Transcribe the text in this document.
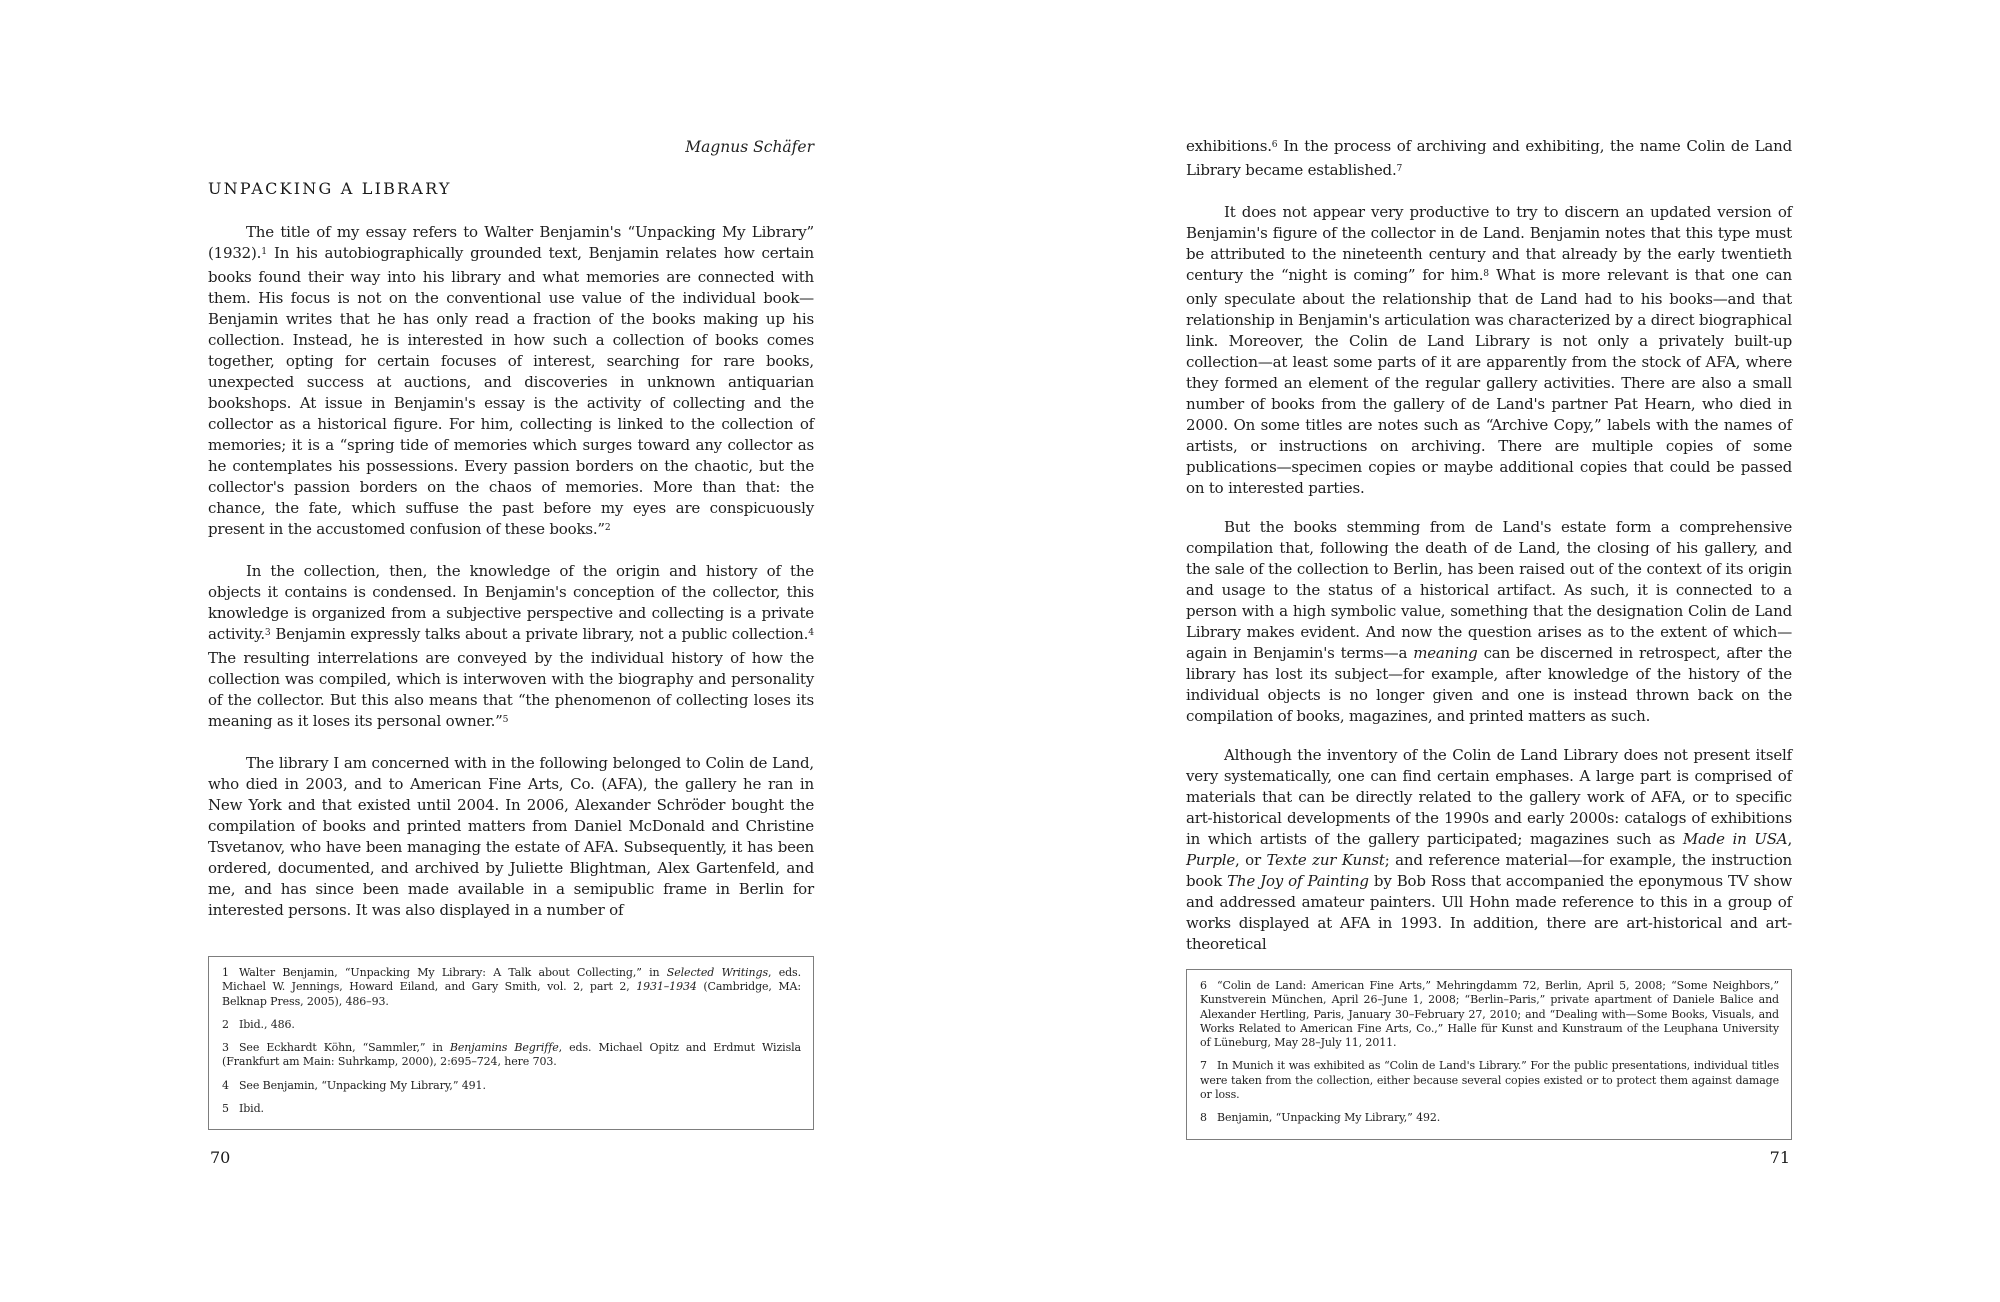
Magnus Schäfer
UNPACKING A LIBRARY

The title of my essay refers to Walter Benjamin's “Unpacking My Library” (1932).$^1$ In his autobiographically grounded text, Benjamin relates how certain books found their way into his library and what memories are connected with them. His focus is not on the conventional use value of the individual book—Benjamin writes that he has only read a fraction of the books making up his collection. Instead, he is interested in how such a collection of books comes together, opting for certain focuses of interest, searching for rare books, unexpected success at auctions, and discoveries in unknown antiquarian bookshops. At issue in Benjamin's essay is the activity of collecting and the collector as a historical figure. For him, collecting is linked to the collection of memories; it is a “spring tide of memories which surges toward any collector as he contemplates his possessions. Every passion borders on the chaotic, but the collector's passion borders on the chaos of memories. More than that: the chance, the fate, which suffuse the past before my eyes are conspicuously present in the accustomed confusion of these books.”$^2$

In the collection, then, the knowledge of the origin and history of the objects it contains is condensed. In Benjamin's conception of the collector, this knowledge is organized from a subjective perspective and collecting is a private activity.$^3$ Benjamin expressly talks about a private library, not a public collection.$^4$ The resulting interrelations are conveyed by the individual history of how the collection was compiled, which is interwoven with the biography and personality of the collector. But this also means that “the phenomenon of collecting loses its meaning as it loses its personal owner.”$^5$

The library I am concerned with in the following belonged to Colin de Land, who died in 2003, and to American Fine Arts, Co. (AFA), the gallery he ran in New York and that existed until 2004. In 2006, Alexander Schröder bought the compilation of books and printed matters from Daniel McDonald and Christine Tsvetanov, who have been managing the estate of AFA. Subsequently, it has been ordered, documented, and archived by Juliette Blightman, Alex Gartenfeld, and me, and has since been made available in a semipublic frame in Berlin for interested persons. It was also displayed in a number of

1 Walter Benjamin, “Unpacking My Library: A Talk about Collecting,” in Selected Writings, eds. Michael W. Jennings, Howard Eiland, and Gary Smith, vol. 2, part 2, 1931–1934 (Cambridge, MA: Belknap Press, 2005), 486–93.

2 Ibid., 486.

3 See Eckhardt Köhn, “Sammler,” in Benjamins Begriffe, eds. Michael Opitz and Erdmut Wizisla (Frankfurt am Main: Suhrkamp, 2000), 2:695–724, here 703.

4 See Benjamin, “Unpacking My Library,” 491.

5 Ibid.

70

exhibitions.$^6$ In the process of archiving and exhibiting, the name Colin de Land Library became established.$^7$

It does not appear very productive to try to discern an updated version of Benjamin's figure of the collector in de Land. Benjamin notes that this type must be attributed to the nineteenth century and that already by the early twentieth century the “night is coming” for him.$^8$ What is more relevant is that one can only speculate about the relationship that de Land had to his books—and that relationship in Benjamin's articulation was characterized by a direct biographical link. Moreover, the Colin de Land Library is not only a privately built-up collection—at least some parts of it are apparently from the stock of AFA, where they formed an element of the regular gallery activities. There are also a small number of books from the gallery of de Land's partner Pat Hearn, who died in 2000. On some titles are notes such as “Archive Copy,” labels with the names of artists, or instructions on archiving. There are multiple copies of some publications—specimen copies or maybe additional copies that could be passed on to interested parties.

But the books stemming from de Land's estate form a comprehensive compilation that, following the death of de Land, the closing of his gallery, and the sale of the collection to Berlin, has been raised out of the context of its origin and usage to the status of a historical artifact. As such, it is connected to a person with a high symbolic value, something that the designation Colin de Land Library makes evident. And now the question arises as to the extent of which—again in Benjamin's terms—a meaning can be discerned in retrospect, after the library has lost its subject—for example, after knowledge of the history of the individual objects is no longer given and one is instead thrown back on the compilation of books, magazines, and printed matters as such.

Although the inventory of the Colin de Land Library does not present itself very systematically, one can find certain emphases. A large part is comprised of materials that can be directly related to the gallery work of AFA, or to specific art-historical developments of the 1990s and early 2000s: catalogs of exhibitions in which artists of the gallery participated; magazines such as Made in USA, Purple, or Texte zur Kunst; and reference material—for example, the instruction book The Joy of Painting by Bob Ross that accompanied the eponymous TV show and addressed amateur painters. Ull Hohn made reference to this in a group of works displayed at AFA in 1993. In addition, there are art-historical and art-theoretical

6 “Colin de Land: American Fine Arts,” Mehringdamm 72, Berlin, April 5, 2008; “Some Neighbors,” Kunstverein München, April 26–June 1, 2008; “Berlin–Paris,” private apartment of Daniele Balice and Alexander Hertling, Paris, January 30–February 27, 2010; and “Dealing with—Some Books, Visuals, and Works Related to American Fine Arts, Co.,” Halle für Kunst and Kunstraum of the Leuphana University of Lüneburg, May 28–July 11, 2011.

7 In Munich it was exhibited as “Colin de Land's Library.” For the public presentations, individual titles were taken from the collection, either because several copies existed or to protect them against damage or loss.

8 Benjamin, “Unpacking My Library,” 492.

71
